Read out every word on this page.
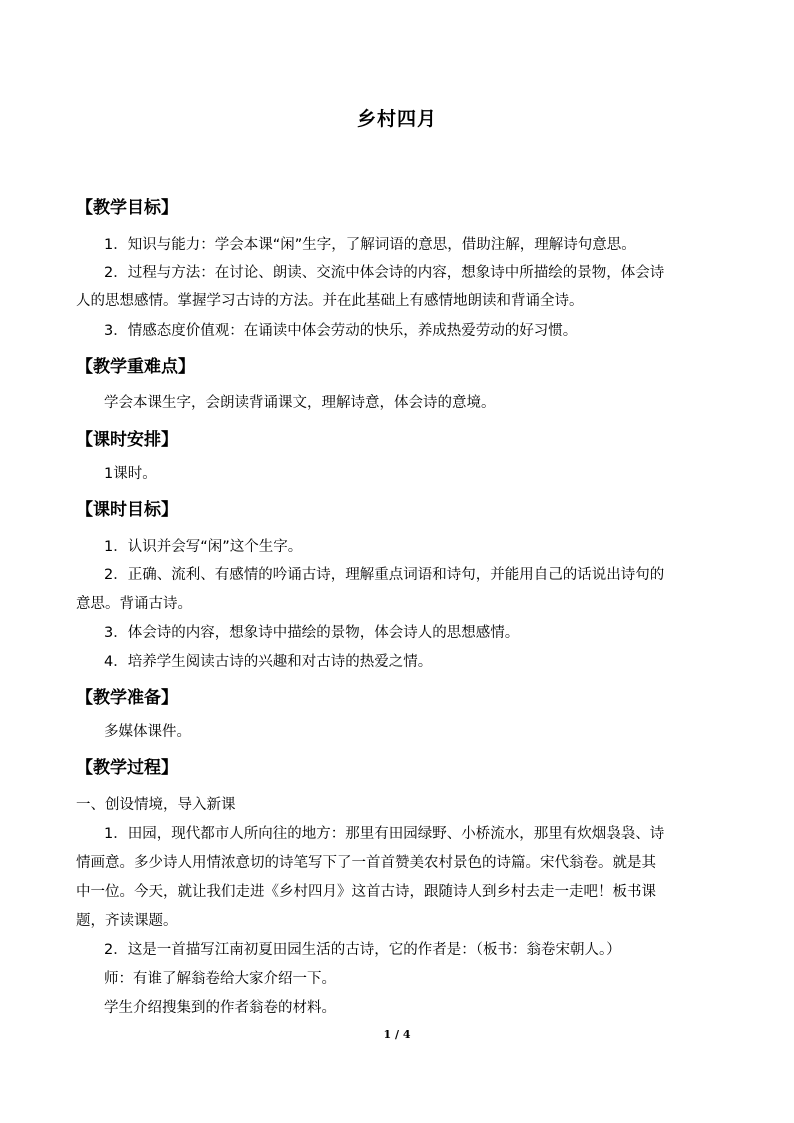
乡村四月
【教学目标】
1．知识与能力：学会本课“闲”生字，了解词语的意思，借助注解，理解诗句意思。
2．过程与方法：在讨论、朗读、交流中体会诗的内容，想象诗中所描绘的景物，体会诗
人的思想感情。掌握学习古诗的方法。并在此基础上有感情地朗读和背诵全诗。
3．情感态度价值观：在诵读中体会劳动的快乐，养成热爱劳动的好习惯。
【教学重难点】
学会本课生字，会朗读背诵课文，理解诗意，体会诗的意境。
【课时安排】
1课时。
【课时目标】
1．认识并会写“闲”这个生字。
2．正确、流利、有感情的吟诵古诗，理解重点词语和诗句，并能用自己的话说出诗句的
意思。背诵古诗。
3．体会诗的内容，想象诗中描绘的景物，体会诗人的思想感情。
4．培养学生阅读古诗的兴趣和对古诗的热爱之情。
【教学准备】
多媒体课件。
【教学过程】
一、创设情境，导入新课
1．田园，现代都市人所向往的地方：那里有田园绿野、小桥流水，那里有炊烟袅袅、诗
情画意。多少诗人用情浓意切的诗笔写下了一首首赞美农村景色的诗篇。宋代翁卷。就是其
中一位。今天，就让我们走进《乡村四月》这首古诗，跟随诗人到乡村去走一走吧！板书课
题，齐读课题。
2．这是一首描写江南初夏田园生活的古诗，它的作者是：（板书：翁卷宋朝人。）
师：有谁了解翁卷给大家介绍一下。
学生介绍搜集到的作者翁卷的材料。
1 / 4
